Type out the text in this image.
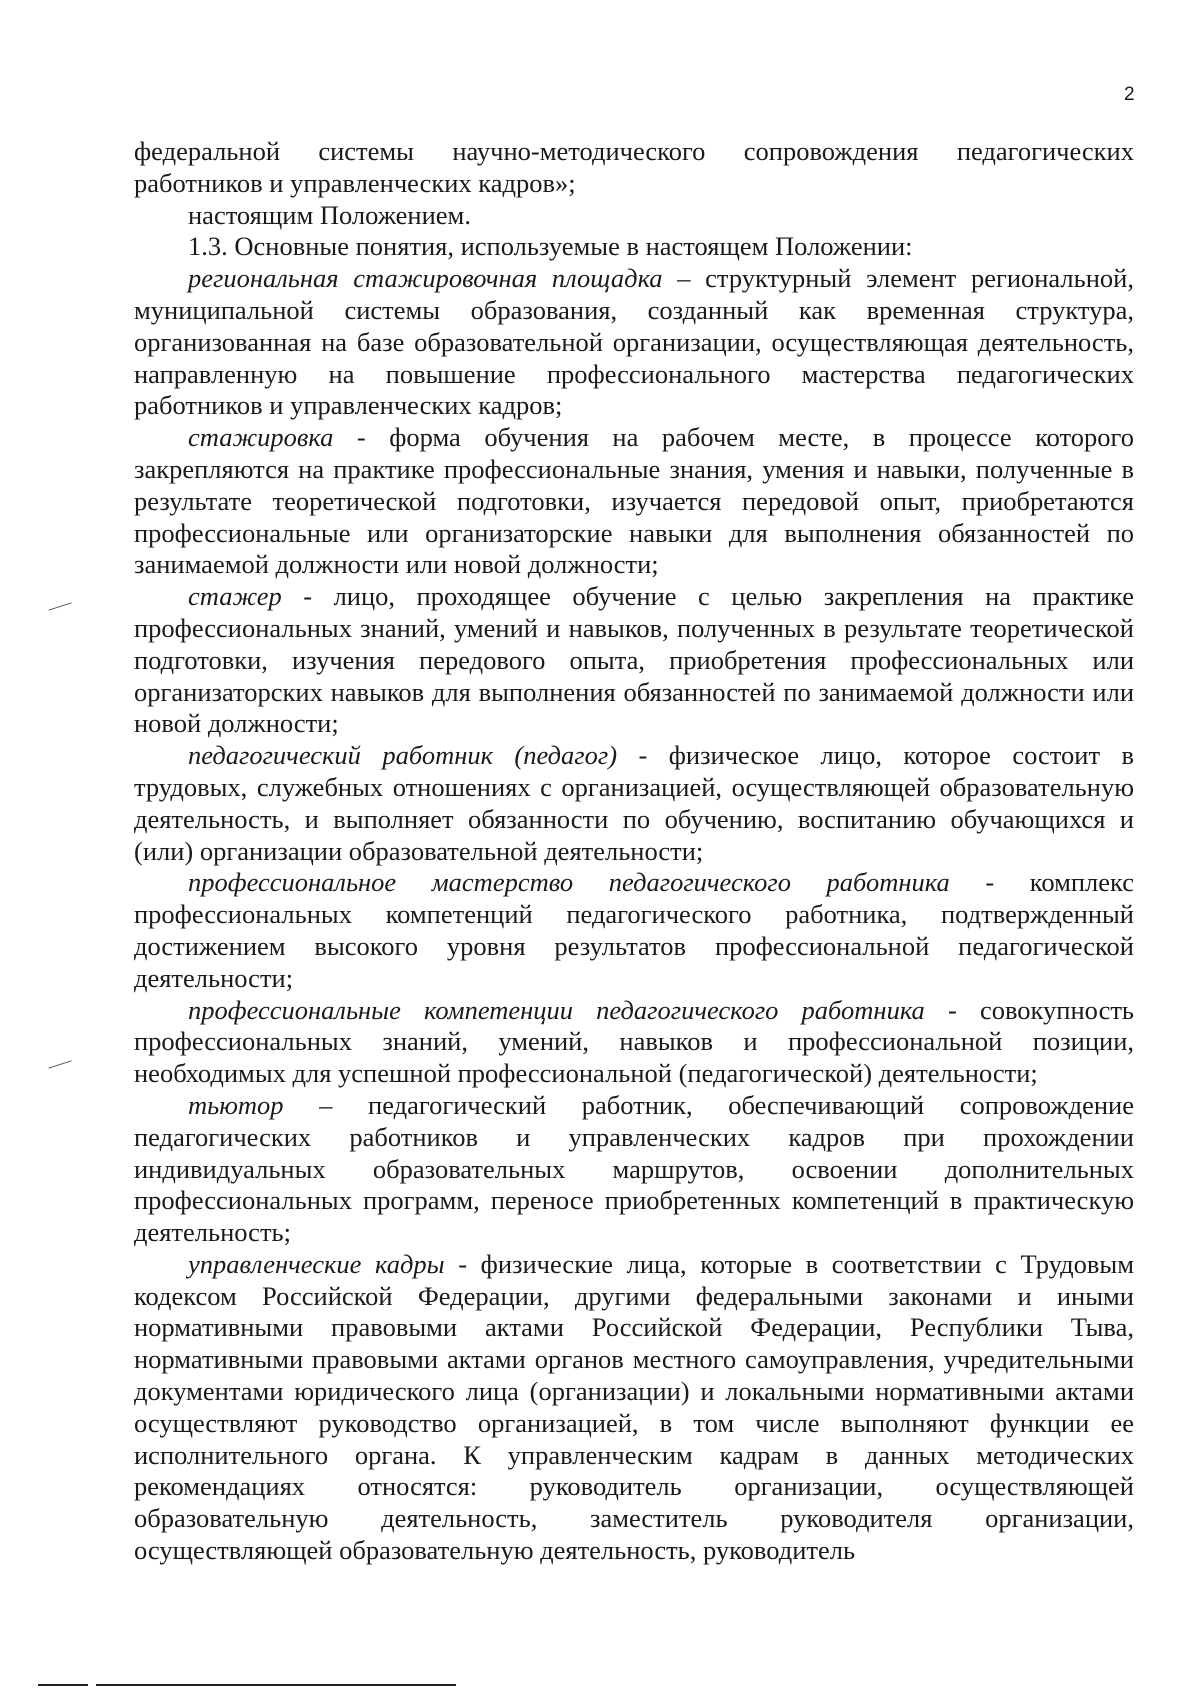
2

федеральной системы научно-методического сопровождения педагогических работников и управленческих кадров»;

настоящим Положением.

1.3. Основные понятия, используемые в настоящем Положении:

региональная стажировочная площадка – структурный элемент региональной, муниципальной системы образования, созданный как временная структура, организованная на базе образовательной организации, осуществляющая деятельность, направленную на повышение профессионального мастерства педагогических работников и управленческих кадров;

стажировка - форма обучения на рабочем месте, в процессе которого закрепляются на практике профессиональные знания, умения и навыки, полученные в результате теоретической подготовки, изучается передовой опыт, приобретаются профессиональные или организаторские навыки для выполнения обязанностей по занимаемой должности или новой должности;

стажер - лицо, проходящее обучение с целью закрепления на практике профессиональных знаний, умений и навыков, полученных в результате теоретической подготовки, изучения передового опыта, приобретения профессиональных или организаторских навыков для выполнения обязанностей по занимаемой должности или новой должности;

педагогический работник (педагог) - физическое лицо, которое состоит в трудовых, служебных отношениях с организацией, осуществляющей образовательную деятельность, и выполняет обязанности по обучению, воспитанию обучающихся и (или) организации образовательной деятельности;

профессиональное мастерство педагогического работника - комплекс профессиональных компетенций педагогического работника, подтвержденный достижением высокого уровня результатов профессиональной педагогической деятельности;

профессиональные компетенции педагогического работника - совокупность профессиональных знаний, умений, навыков и профессиональной позиции, необходимых для успешной профессиональной (педагогической) деятельности;

тьютор – педагогический работник, обеспечивающий сопровождение педагогических работников и управленческих кадров при прохождении индивидуальных образовательных маршрутов, освоении дополнительных профессиональных программ, переносе приобретенных компетенций в практическую деятельность;

управленческие кадры - физические лица, которые в соответствии с Трудовым кодексом Российской Федерации, другими федеральными законами и иными нормативными правовыми актами Российской Федерации, Республики Тыва, нормативными правовыми актами органов местного самоуправления, учредительными документами юридического лица (организации) и локальными нормативными актами осуществляют руководство организацией, в том числе выполняют функции ее исполнительного органа. К управленческим кадрам в данных методических рекомендациях относятся: руководитель организации, осуществляющей образовательную деятельность, заместитель руководителя организации, осуществляющей образовательную деятельность, руководитель
